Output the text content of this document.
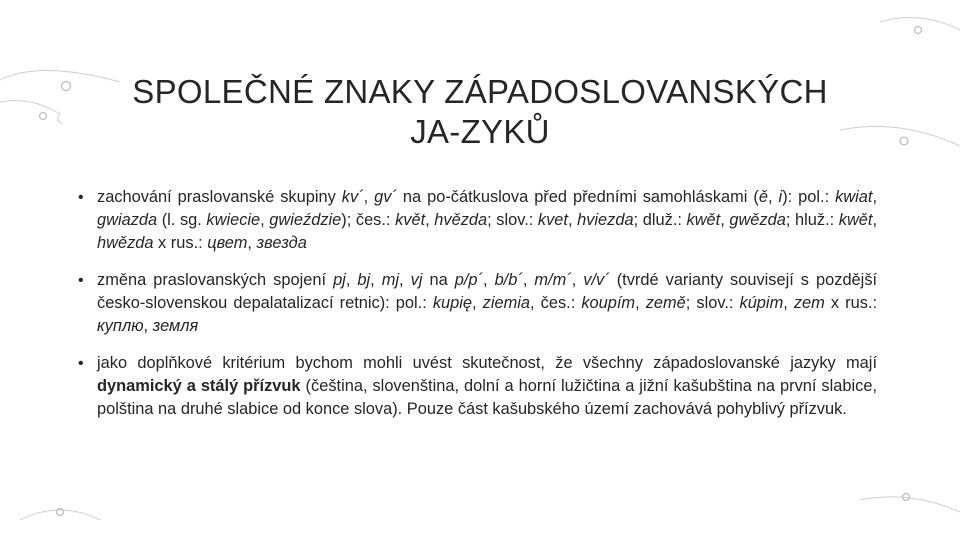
SPOLEČNÉ ZNAKY ZÁPADOSLOVANSKÝCH
JA-ZYKŮ
• zachování praslovanské skupiny kv´, gv´ na po-čátkuslova před předními samohláskami (ě, i): pol.: kwiat, gwiazda (l. sg. kwiecie, gwieździe); čes.: květ, hvězda; slov.: kvet, hviezda; dluž.: kwět, gwězda; hluž.: kwět, hwězda x rus.: цвет, звезда
• změna praslovanských spojení pj, bj, mj, vj na p/p´, b/b´, m/m´, v/v´ (tvrdé varianty souvisejí s pozdější česko-slovenskou depalatalizací retnic): pol.: kupię, ziemia, čes.: koupím, země; slov.: kúpim, zem x rus.: куплю, земля
• jako doplňkové kritérium bychom mohli uvést skutečnost, že všechny západoslovanské jazyky mají dynamický a stálý přízvuk (čeština, slovenština, dolní a horní lužičtina a jižní kašubština na první slabice, polština na druhé slabice od konce slova). Pouze část kašubského území zachovává pohyblivý přízvuk.
